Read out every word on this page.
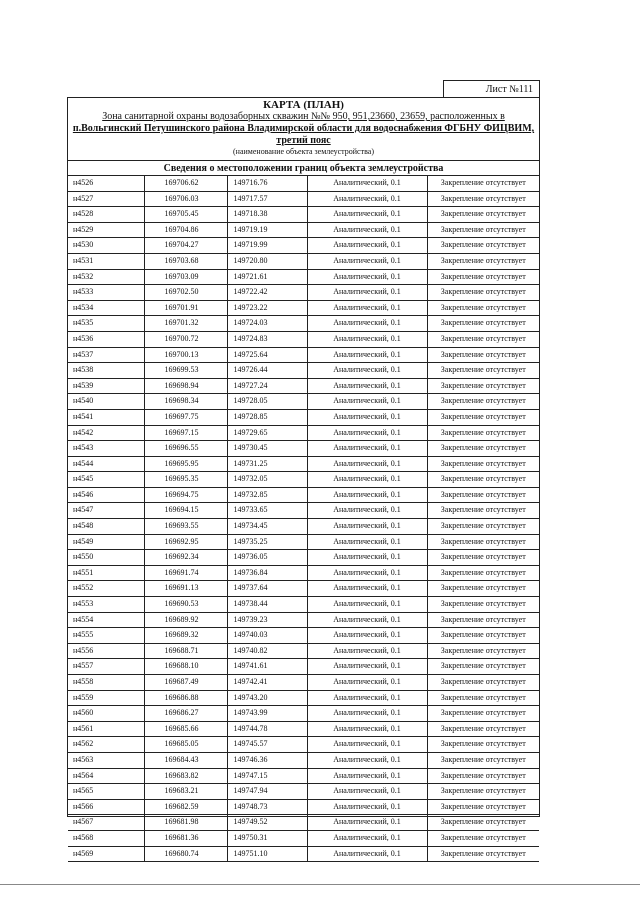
Лист №111
КАРТА (ПЛАН)
Зона санитарной охраны водозаборных скважин №№ 950, 951,23660, 23659, расположенных в
п.Вольгинский Петушинского района Владимирской области для водоснабжения ФГБНУ ФИЦВИМ,
третий пояс
(наименование объекта землеустройства)
Сведения о местоположении границ объекта землеустройства
н4526	169706.62	149716.76	Аналитический, 0.1	Закрепление отсутствует
н4527	169706.03	149717.57	Аналитический, 0.1	Закрепление отсутствует
н4528	169705.45	149718.38	Аналитический, 0.1	Закрепление отсутствует
н4529	169704.86	149719.19	Аналитический, 0.1	Закрепление отсутствует
н4530	169704.27	149719.99	Аналитический, 0.1	Закрепление отсутствует
н4531	169703.68	149720.80	Аналитический, 0.1	Закрепление отсутствует
н4532	169703.09	149721.61	Аналитический, 0.1	Закрепление отсутствует
н4533	169702.50	149722.42	Аналитический, 0.1	Закрепление отсутствует
н4534	169701.91	149723.22	Аналитический, 0.1	Закрепление отсутствует
н4535	169701.32	149724.03	Аналитический, 0.1	Закрепление отсутствует
н4536	169700.72	149724.83	Аналитический, 0.1	Закрепление отсутствует
н4537	169700.13	149725.64	Аналитический, 0.1	Закрепление отсутствует
н4538	169699.53	149726.44	Аналитический, 0.1	Закрепление отсутствует
н4539	169698.94	149727.24	Аналитический, 0.1	Закрепление отсутствует
н4540	169698.34	149728.05	Аналитический, 0.1	Закрепление отсутствует
н4541	169697.75	149728.85	Аналитический, 0.1	Закрепление отсутствует
н4542	169697.15	149729.65	Аналитический, 0.1	Закрепление отсутствует
н4543	169696.55	149730.45	Аналитический, 0.1	Закрепление отсутствует
н4544	169695.95	149731.25	Аналитический, 0.1	Закрепление отсутствует
н4545	169695.35	149732.05	Аналитический, 0.1	Закрепление отсутствует
н4546	169694.75	149732.85	Аналитический, 0.1	Закрепление отсутствует
н4547	169694.15	149733.65	Аналитический, 0.1	Закрепление отсутствует
н4548	169693.55	149734.45	Аналитический, 0.1	Закрепление отсутствует
н4549	169692.95	149735.25	Аналитический, 0.1	Закрепление отсутствует
н4550	169692.34	149736.05	Аналитический, 0.1	Закрепление отсутствует
н4551	169691.74	149736.84	Аналитический, 0.1	Закрепление отсутствует
н4552	169691.13	149737.64	Аналитический, 0.1	Закрепление отсутствует
н4553	169690.53	149738.44	Аналитический, 0.1	Закрепление отсутствует
н4554	169689.92	149739.23	Аналитический, 0.1	Закрепление отсутствует
н4555	169689.32	149740.03	Аналитический, 0.1	Закрепление отсутствует
н4556	169688.71	149740.82	Аналитический, 0.1	Закрепление отсутствует
н4557	169688.10	149741.61	Аналитический, 0.1	Закрепление отсутствует
н4558	169687.49	149742.41	Аналитический, 0.1	Закрепление отсутствует
н4559	169686.88	149743.20	Аналитический, 0.1	Закрепление отсутствует
н4560	169686.27	149743.99	Аналитический, 0.1	Закрепление отсутствует
н4561	169685.66	149744.78	Аналитический, 0.1	Закрепление отсутствует
н4562	169685.05	149745.57	Аналитический, 0.1	Закрепление отсутствует
н4563	169684.43	149746.36	Аналитический, 0.1	Закрепление отсутствует
н4564	169683.82	149747.15	Аналитический, 0.1	Закрепление отсутствует
н4565	169683.21	149747.94	Аналитический, 0.1	Закрепление отсутствует
н4566	169682.59	149748.73	Аналитический, 0.1	Закрепление отсутствует
н4567	169681.98	149749.52	Аналитический, 0.1	Закрепление отсутствует
н4568	169681.36	149750.31	Аналитический, 0.1	Закрепление отсутствует
н4569	169680.74	149751.10	Аналитический, 0.1	Закрепление отсутствует
